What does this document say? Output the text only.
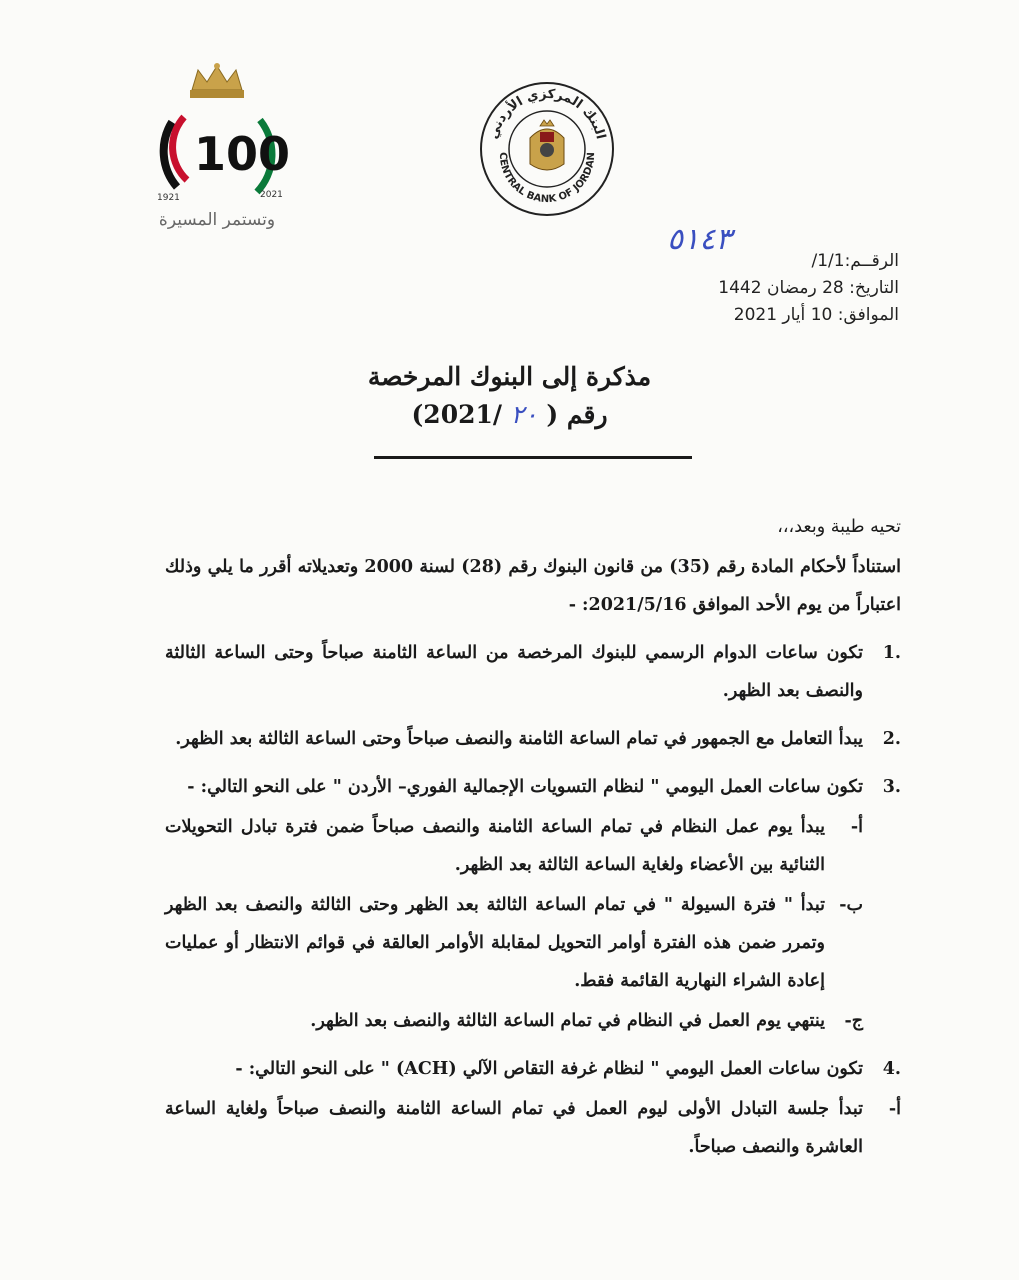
100
1921	2021
وتستمر المسيرة
البنك المركزي الأردني
CENTRAL BANK OF JORDAN
الرقــم:1/1/
٥١٤٣
التاريخ: 28 رمضان 1442
الموافق: 10 أيار 2021
مذكرة إلى البنوك المرخصة
رقم ( ٢٠ /2021)
تحيه طيبة وبعد،،،
استناداً لأحكام المادة رقم (35) من قانون البنوك رقم (28) لسنة 2000 وتعديلاته أقرر ما يلي وذلك اعتباراً من يوم الأحد الموافق 2021/5/16: -
.1
تكون ساعات الدوام الرسمي للبنوك المرخصة من الساعة الثامنة صباحاً وحتى الساعة الثالثة والنصف بعد الظهر.
.2
يبدأ التعامل مع الجمهور في تمام الساعة الثامنة والنصف صباحاً وحتى الساعة الثالثة بعد الظهر.
.3
تكون ساعات العمل اليومي " لنظام التسويات الإجمالية الفوري– الأردن " على النحو التالي: -
أ-
يبدأ يوم عمل النظام في تمام الساعة الثامنة والنصف صباحاً ضمن فترة تبادل التحويلات الثنائية بين الأعضاء ولغاية الساعة الثالثة بعد الظهر.
ب-
تبدأ " فترة السيولة " في تمام الساعة الثالثة بعد الظهر وحتى الثالثة والنصف بعد الظهر وتمرر ضمن هذه الفترة أوامر التحويل لمقابلة الأوامر العالقة في قوائم الانتظار أو عمليات إعادة الشراء النهارية القائمة فقط.
ج-
ينتهي يوم العمل في النظام في تمام الساعة الثالثة والنصف بعد الظهر.
.4
تكون ساعات العمل اليومي " لنظام غرفة التقاص الآلي (ACH) " على النحو التالي: -
أ-
تبدأ جلسة التبادل الأولى ليوم العمل في تمام الساعة الثامنة والنصف صباحاً ولغاية الساعة العاشرة والنصف صباحاً.
